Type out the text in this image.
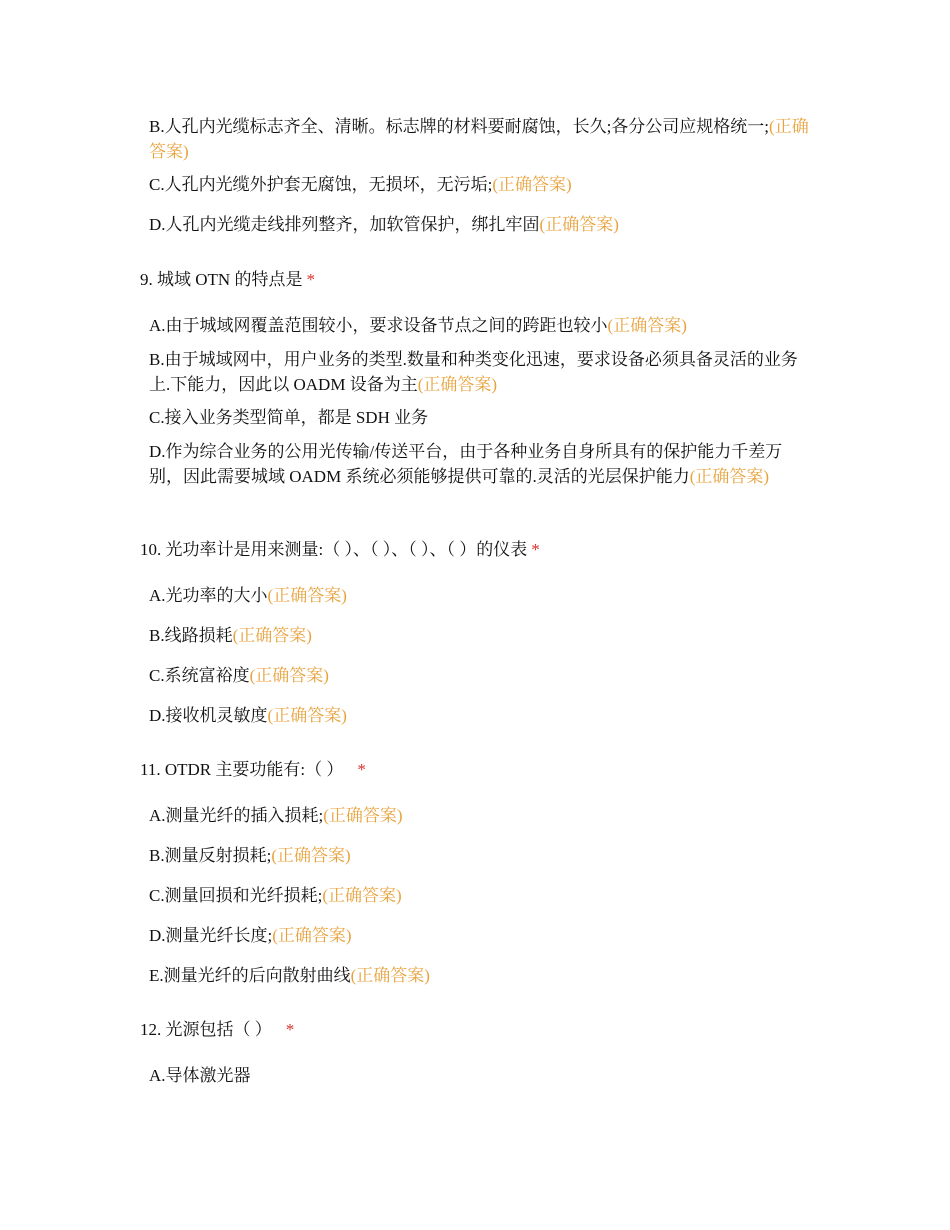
B.人孔内光缆标志齐全、清晰。标志牌的材料要耐腐蚀，长久;各分公司应规格统一;(正确答案)

C.人孔内光缆外护套无腐蚀，无损坏，无污垢;(正确答案)

D.人孔内光缆走线排列整齐，加软管保护，绑扎牢固(正确答案)

9. 城域 OTN 的特点是 *

A.由于城域网覆盖范围较小，要求设备节点之间的跨距也较小(正确答案)

B.由于城域网中，用户业务的类型.数量和种类变化迅速，要求设备必须具备灵活的业务上.下能力，因此以 OADM 设备为主(正确答案)

C.接入业务类型简单，都是 SDH 业务

D.作为综合业务的公用光传输/传送平台，由于各种业务自身所具有的保护能力千差万别，因此需要城域 OADM 系统必须能够提供可靠的.灵活的光层保护能力(正确答案)

10. 光功率计是用来测量:（ ）、（ ）、（ ）、（ ）的仪表 *

A.光功率的大小(正确答案)

B.线路损耗(正确答案)

C.系统富裕度(正确答案)

D.接收机灵敏度(正确答案)

11. OTDR 主要功能有:（ ） *

A.测量光纤的插入损耗;(正确答案)

B.测量反射损耗;(正确答案)

C.测量回损和光纤损耗;(正确答案)

D.测量光纤长度;(正确答案)

E.测量光纤的后向散射曲线(正确答案)

12. 光源包括（ ） *

A.导体激光器
